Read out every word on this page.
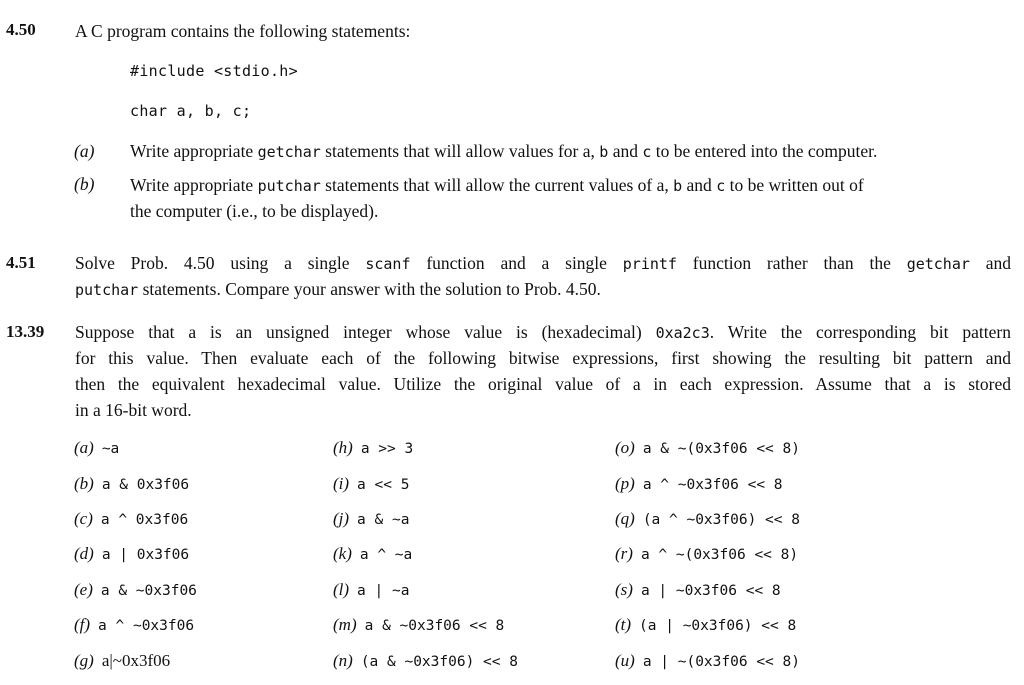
4.50 A C program contains the following statements:
#include <stdio.h>
char a, b, c;
(a) Write appropriate getchar statements that will allow values for a, b and c to be entered into the computer.
(b) Write appropriate putchar statements that will allow the current values of a, b and c to be written out of
the computer (i.e., to be displayed).
4.51 Solve Prob. 4.50 using a single scanf function and a single printf function rather than the getchar and
putchar statements. Compare your answer with the solution to Prob. 4.50.
13.39 Suppose that a is an unsigned integer whose value is (hexadecimal) 0xa2c3. Write the corresponding bit pattern
for this value. Then evaluate each of the following bitwise expressions, first showing the resulting bit pattern and
then the equivalent hexadecimal value. Utilize the original value of a in each expression. Assume that a is stored
in a 16-bit word.
(a) ~a
(b) a & 0x3f06
(c) a ^ 0x3f06
(d) a | 0x3f06
(e) a & ~0x3f06
(f) a ^ ~0x3f06
(g) a|~0x3f06
(h) a >> 3
(i) a << 5
(j) a & ~a
(k) a ^ ~a
(l) a | ~a
(m) a & ~0x3f06 << 8
(n) (a & ~0x3f06) << 8
(o) a & ~(0x3f06 << 8)
(p) a ^ ~0x3f06 << 8
(q) (a ^ ~0x3f06) << 8
(r) a ^ ~(0x3f06 << 8)
(s) a | ~0x3f06 << 8
(t) (a | ~0x3f06) << 8
(u) a | ~(0x3f06 << 8)
